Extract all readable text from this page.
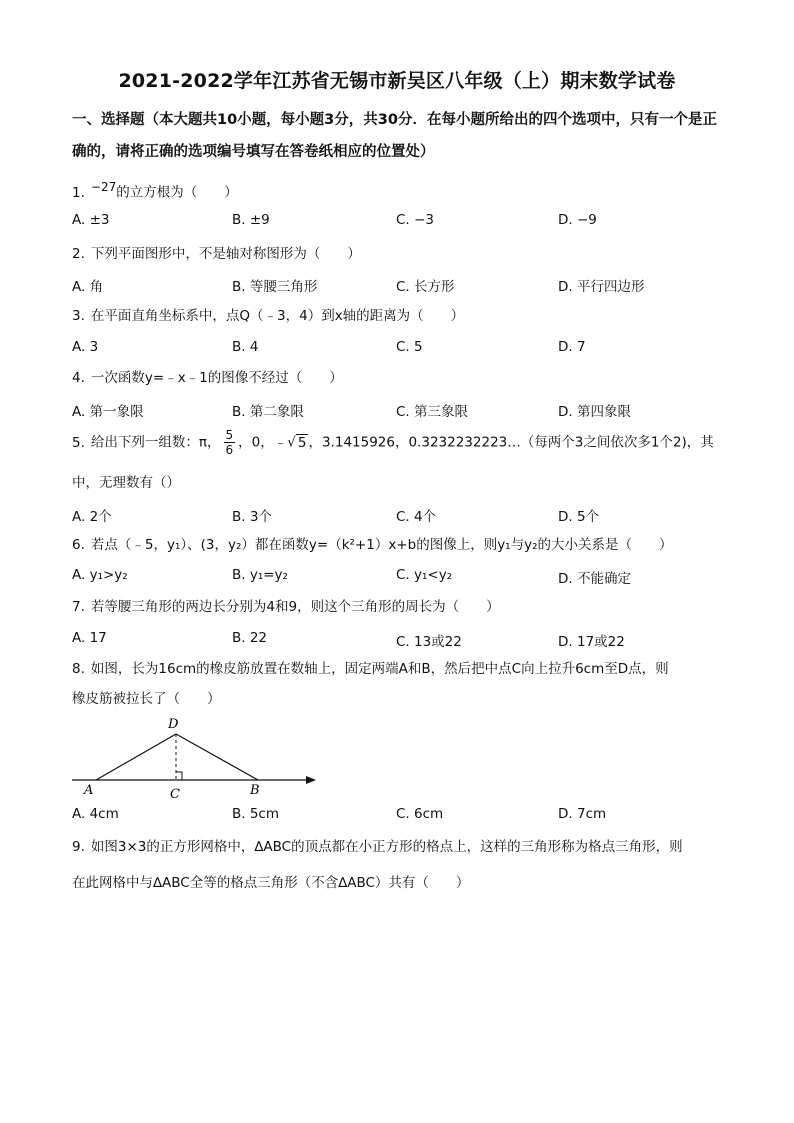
2021-2022学年江苏省无锡市新吴区八年级（上）期末数学试卷
一、选择题（本大题共10小题，每小题3分，共30分．在每小题所给出的四个选项中，只有一个是正确的，请将正确的选项编号填写在答卷纸相应的位置处）
1. $^{-27}$的立方根为（　　）
A. ±3	B. ±9	C. −3	D. −9
2. 下列平面图形中，不是轴对称图形为（　　）
A. 角	B. 等腰三角形	C. 长方形	D. 平行四边形
3. 在平面直角坐标系中，点Q（﹣3，4）到x轴的距离为（　　）
A. 3	B. 4	C. 5	D. 7
4. 一次函数y=﹣x﹣1的图像不经过（　　）
A. 第一象限	B. 第二象限	C. 第三象限	D. 第四象限
5. 给出下列一组数：π， $\frac{5}{6}$ ，0，﹣√ 5 ，3.1415926，0.3232232223…（每两个3之间依次多1个2)，其
中，无理数有（）
A. 2个	B. 3个	C. 4个	D. 5个
6. 若点（﹣5，y₁）、(3，y₂）都在函数y=（k²+1）x+b的图像上，则y₁与y₂的大小关系是（　　）
A. y₁>y₂	B. y₁=y₂	C. y₁<y₂	D. 不能确定
7. 若等腰三角形的两边长分别为4和9，则这个三角形的周长为（　　）
A. 17	B. 22	C. 13或22	D. 17或22
8. 如图，长为16cm的橡皮筋放置在数轴上，固定两端A和B，然后把中点C向上拉升6cm至D点，则
橡皮筋被拉长了（　　）
D
A	C	B
A. 4cm	B. 5cm	C. 6cm	D. 7cm
9. 如图3×3的正方形网格中，∆ABC的顶点都在小正方形的格点上，这样的三角形称为格点三角形，则
在此网格中与∆ABC全等的格点三角形（不含∆ABC）共有（　　）
